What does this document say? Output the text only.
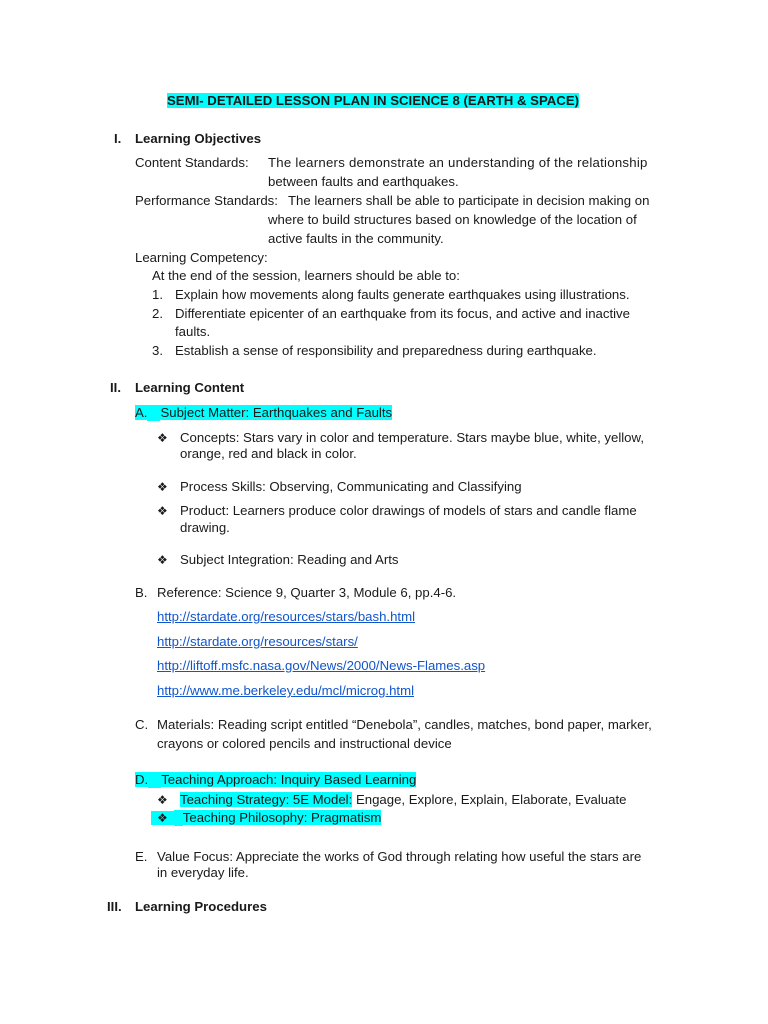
SEMI- DETAILED LESSON PLAN IN SCIENCE 8 (EARTH & SPACE)
I. Learning Objectives
Content Standards: The learners demonstrate an understanding of the relationship
between faults and earthquakes.
Performance Standards: The learners shall be able to participate in decision making on
where to build structures based on knowledge of the location of
active faults in the community.
Learning Competency:
At the end of the session, learners should be able to:
1. Explain how movements along faults generate earthquakes using illustrations.
2. Differentiate epicenter of an earthquake from its focus, and active and inactive
faults.
3. Establish a sense of responsibility and preparedness during earthquake.
II. Learning Content
A. Subject Matter: Earthquakes and Faults
❖ Concepts: Stars vary in color and temperature. Stars maybe blue, white, yellow,
orange, red and black in color.
❖ Process Skills: Observing, Communicating and Classifying
❖ Product: Learners produce color drawings of models of stars and candle flame
drawing.
❖ Subject Integration: Reading and Arts
B. Reference: Science 9, Quarter 3, Module 6, pp.4-6.
http://stardate.org/resources/stars/bash.html
http://stardate.org/resources/stars/
http://liftoff.msfc.nasa.gov/News/2000/News-Flames.asp
http://www.me.berkeley.edu/mcl/microg.html
C. Materials: Reading script entitled “Denebola”, candles, matches, bond paper, marker,
crayons or colored pencils and instructional device
D. Teaching Approach: Inquiry Based Learning
❖ Teaching Strategy: 5E Model: Engage, Explore, Explain, Elaborate, Evaluate
❖ Teaching Philosophy: Pragmatism
E. Value Focus: Appreciate the works of God through relating how useful the stars are
in everyday life.
III. Learning Procedures
